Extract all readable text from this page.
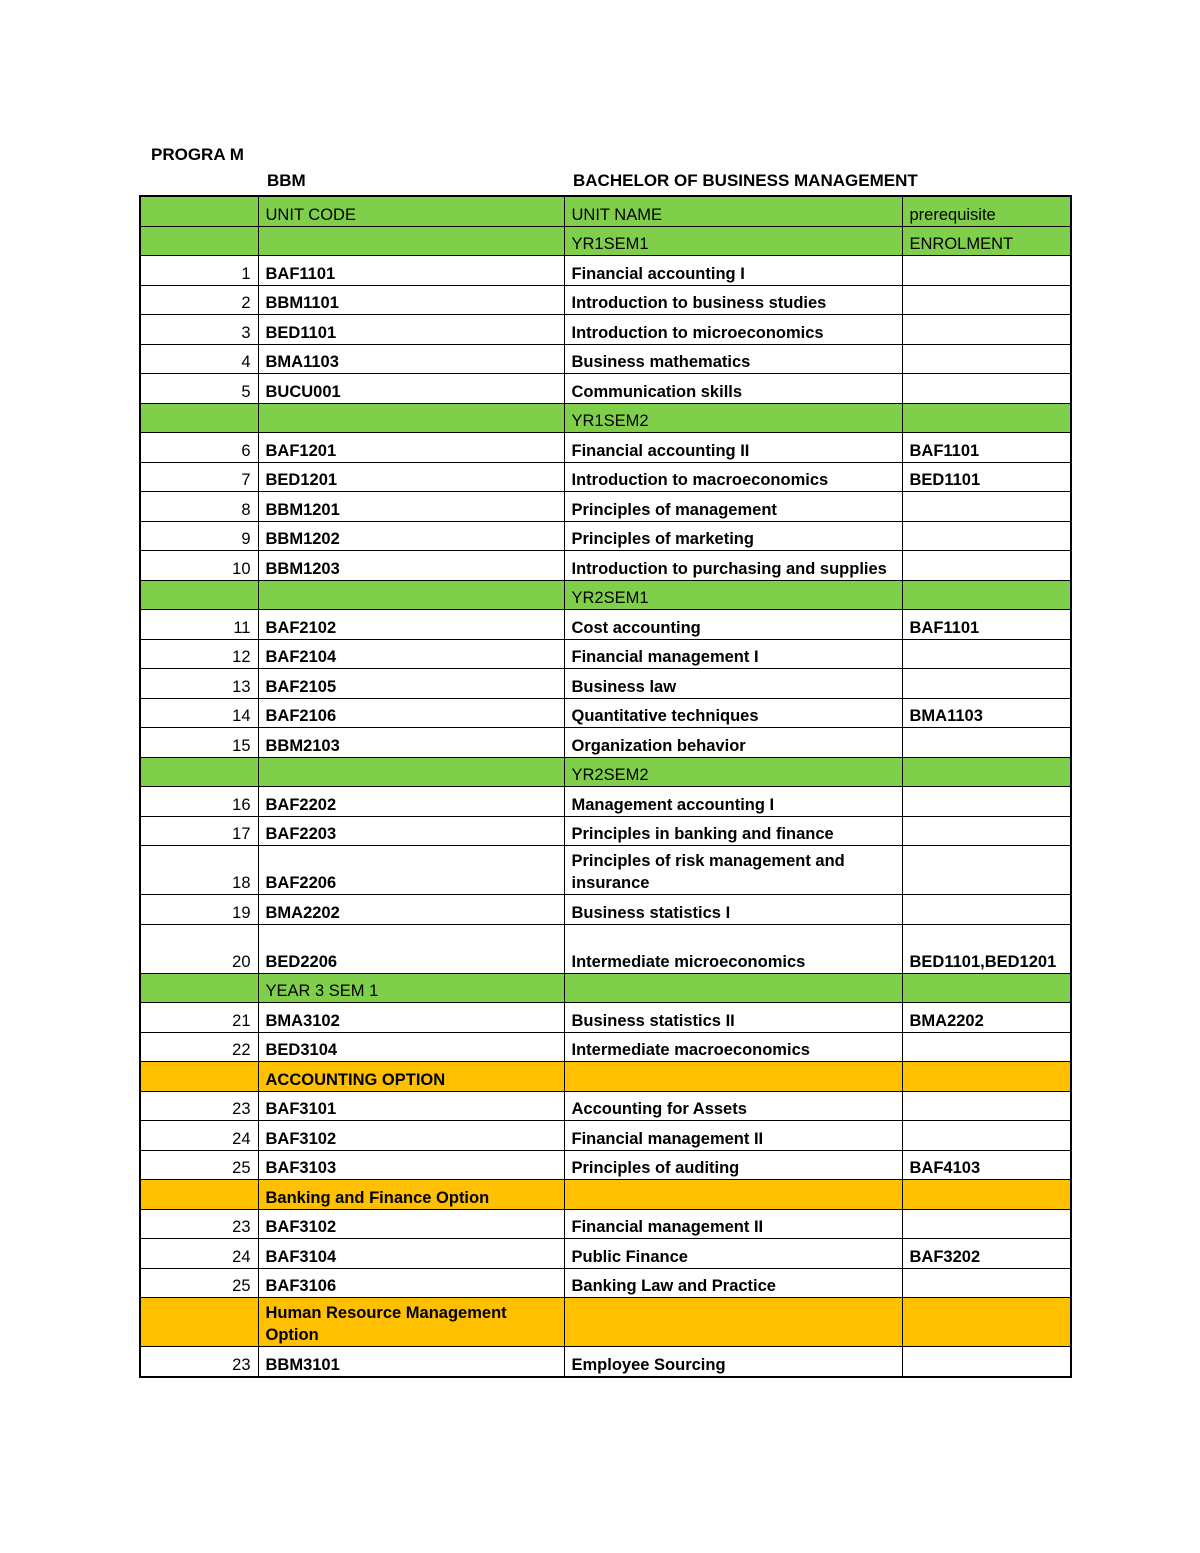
PROGRA M
BBM	BACHELOR OF BUSINESS MANAGEMENT
	UNIT CODE	UNIT NAME	prerequisite
		YR1SEM1	ENROLMENT
1	BAF1101	Financial accounting I	
2	BBM1101	Introduction to business studies	
3	BED1101	Introduction to microeconomics	
4	BMA1103	Business mathematics	
5	BUCU001	Communication skills	
		YR1SEM2	
6	BAF1201	Financial accounting II	BAF1101
7	BED1201	Introduction to macroeconomics	BED1101
8	BBM1201	Principles of management	
9	BBM1202	Principles of marketing	
10	BBM1203	Introduction to purchasing and supplies	
		YR2SEM1	
11	BAF2102	Cost accounting	BAF1101
12	BAF2104	Financial management I	
13	BAF2105	Business law	
14	BAF2106	Quantitative techniques	BMA1103
15	BBM2103	Organization behavior	
		YR2SEM2	
16	BAF2202	Management accounting I	
17	BAF2203	Principles in banking and finance	
18	BAF2206	Principles of risk management and insurance	
19	BMA2202	Business statistics I	
20	BED2206	Intermediate microeconomics	BED1101,BED1201
	YEAR 3 SEM 1		
21	BMA3102	Business statistics II	BMA2202
22	BED3104	Intermediate macroeconomics	
	ACCOUNTING OPTION		
23	BAF3101	Accounting for Assets	
24	BAF3102	Financial management II	
25	BAF3103	Principles of auditing	BAF4103
	Banking and Finance Option		
23	BAF3102	Financial management II	
24	BAF3104	Public Finance	BAF3202
25	BAF3106	Banking Law and Practice	
	Human Resource Management Option		
23	BBM3101	Employee Sourcing	
